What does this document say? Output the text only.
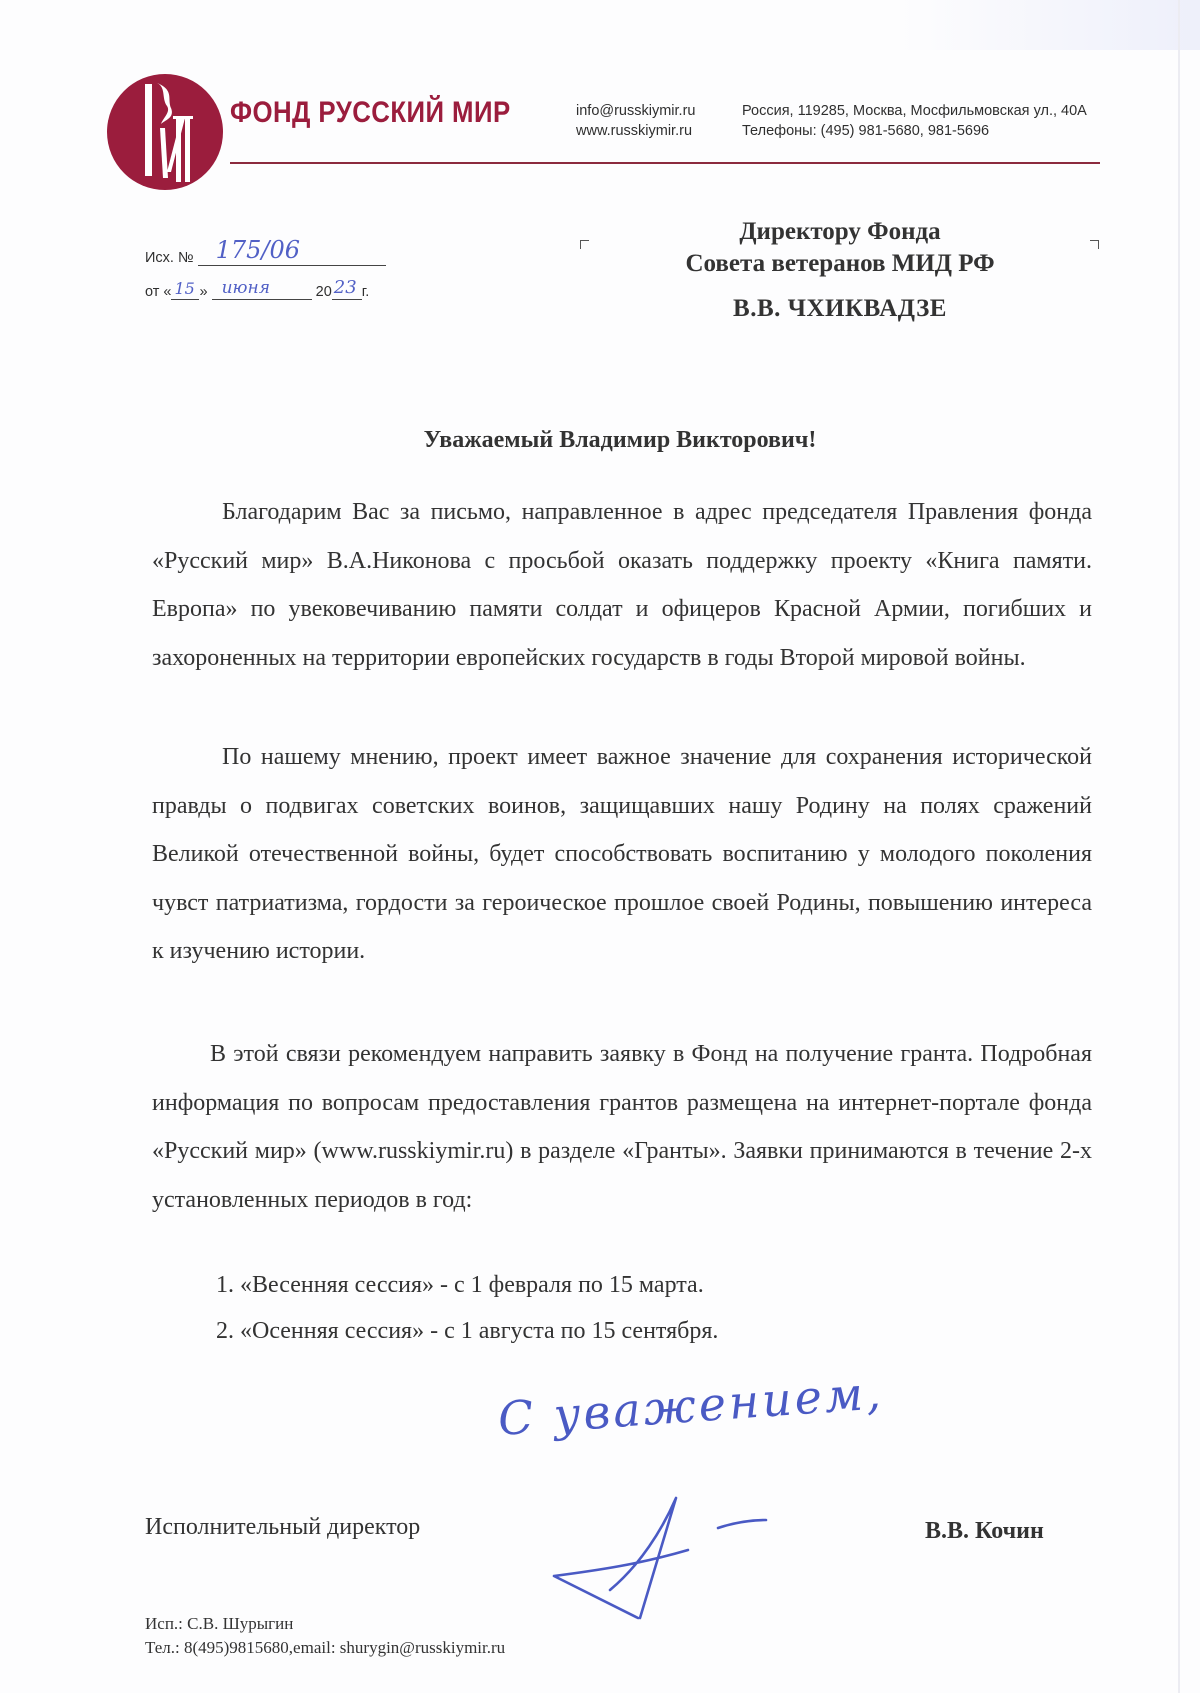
ФОНД РУССКИЙ МИР	info@russkiymir.ru
www.russkiymir.ru
Россия, 119285, Москва, Мосфильмовская ул., 40А
Телефоны: (495) 981-5680, 981-5696
Исх. № 175/06
от « 15 » июня	20 23 г.
Директору Фонда
Совета ветеранов МИД РФ
В.В. ЧХИКВАДЗЕ
Уважаемый Владимир Викторович!

Благодарим Вас за письмо, направленное в адрес председателя Правления фонда «Русский мир» В.А.Никонова с просьбой оказать поддержку проекту «Книга памяти. Европа» по увековечиванию памяти солдат и офицеров Красной Армии, погибших и захороненных на территории европейских государств в годы Второй мировой войны.

По нашему мнению, проект имеет важное значение для сохранения исторической правды о подвигах советских воинов, защищавших нашу Родину на полях сражений Великой отечественной войны, будет способствовать воспитанию у молодого поколения чувст патриатизма, гордости за героическое прошлое своей Родины, повышению интереса к изучению истории.

В этой связи рекомендуем направить заявку в Фонд на получение гранта. Подробная информация по вопросам предоставления грантов размещена на интернет-портале фонда «Русский мир» (www.russkiymir.ru) в разделе «Гранты». Заявки принимаются в течение 2-х установленных периодов в год:

1. «Весенняя сессия» - с 1 февраля по 15 марта.
2. «Осенняя сессия» - с 1 августа по 15 сентября.
С уважением,
Исполнительный директор	В.В. Кочин
Исп.: С.В. Шурыгин
Тел.: 8(495)9815680,email: shurygin@russkiymir.ru
